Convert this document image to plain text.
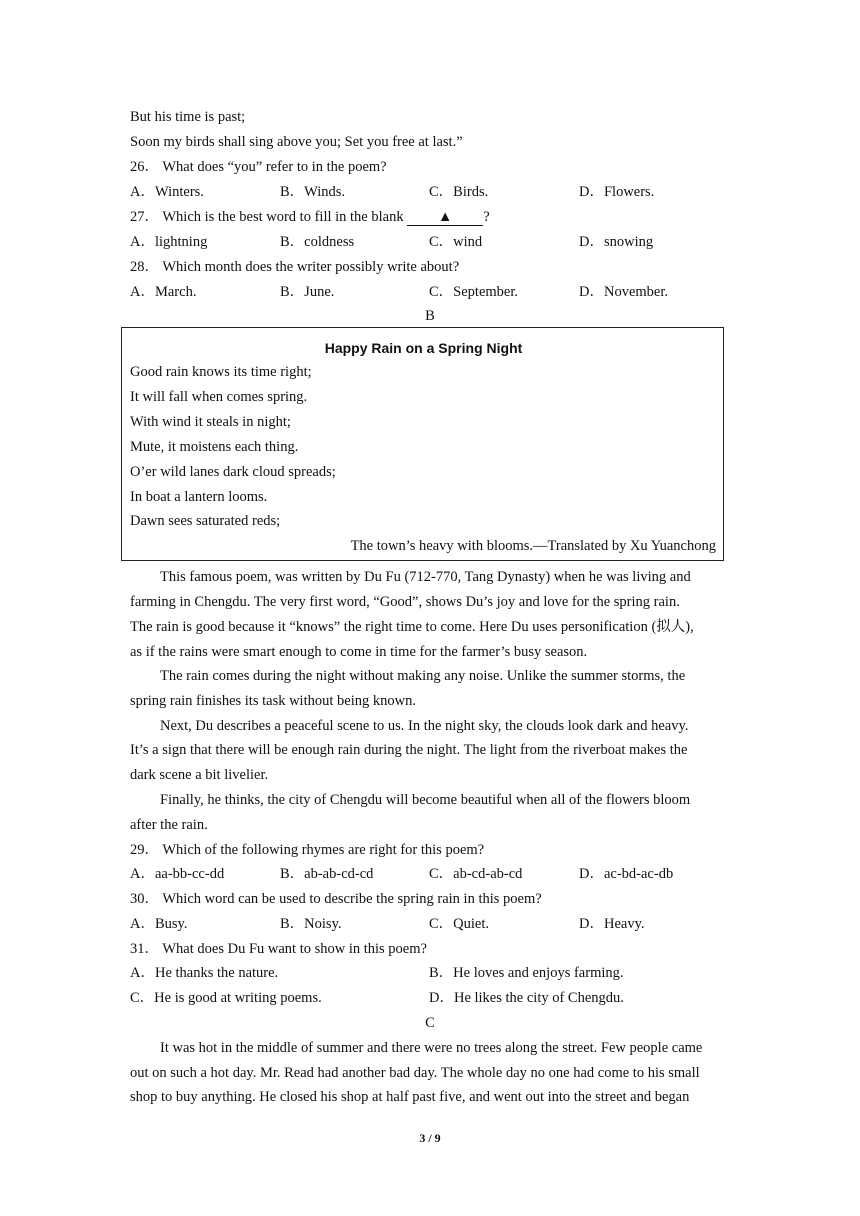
But his time is past;
Soon my birds shall sing above you; Set you free at last.”
26． What does “you” refer to in the poem?
A．Winters.	B．Winds.	C．Birds.	D．Flowers.
27． Which is the best word to fill in the blank ▲ ?
A．lightning	B．coldness	C．wind	D．snowing
28． Which month does the writer possibly write about?
A．March.	B．June.	C．September.	D．November.
B
Happy Rain on a Spring Night
Good rain knows its time right;
It will fall when comes spring.
With wind it steals in night;
Mute, it moistens each thing.
O’er wild lanes dark cloud spreads;
In boat a lantern looms.
Dawn sees saturated reds;
The town’s heavy with blooms.—Translated by Xu Yuanchong
This famous poem, was written by Du Fu (712-770, Tang Dynasty) when he was living and
farming in Chengdu. The very first word, “Good”, shows Du’s joy and love for the spring rain.
The rain is good because it “knows” the right time to come. Here Du uses personification (拟人),
as if the rains were smart enough to come in time for the farmer’s busy season.
The rain comes during the night without making any noise. Unlike the summer storms, the
spring rain finishes its task without being known.
Next, Du describes a peaceful scene to us. In the night sky, the clouds look dark and heavy.
It’s a sign that there will be enough rain during the night. The light from the riverboat makes the
dark scene a bit livelier.
Finally, he thinks, the city of Chengdu will become beautiful when all of the flowers bloom
after the rain.
29． Which of the following rhymes are right for this poem?
A．aa-bb-cc-dd	B．ab-ab-cd-cd	C．ab-cd-ab-cd	D．ac-bd-ac-db
30． Which word can be used to describe the spring rain in this poem?
A．Busy.	B．Noisy.	C．Quiet.	D．Heavy.
31． What does Du Fu want to show in this poem?
A．He thanks the nature.	B．He loves and enjoys farming.
C．He is good at writing poems.	D．He likes the city of Chengdu.
C
It was hot in the middle of summer and there were no trees along the street. Few people came
out on such a hot day. Mr. Read had another bad day. The whole day no one had come to his small
shop to buy anything. He closed his shop at half past five, and went out into the street and began
3 / 9
